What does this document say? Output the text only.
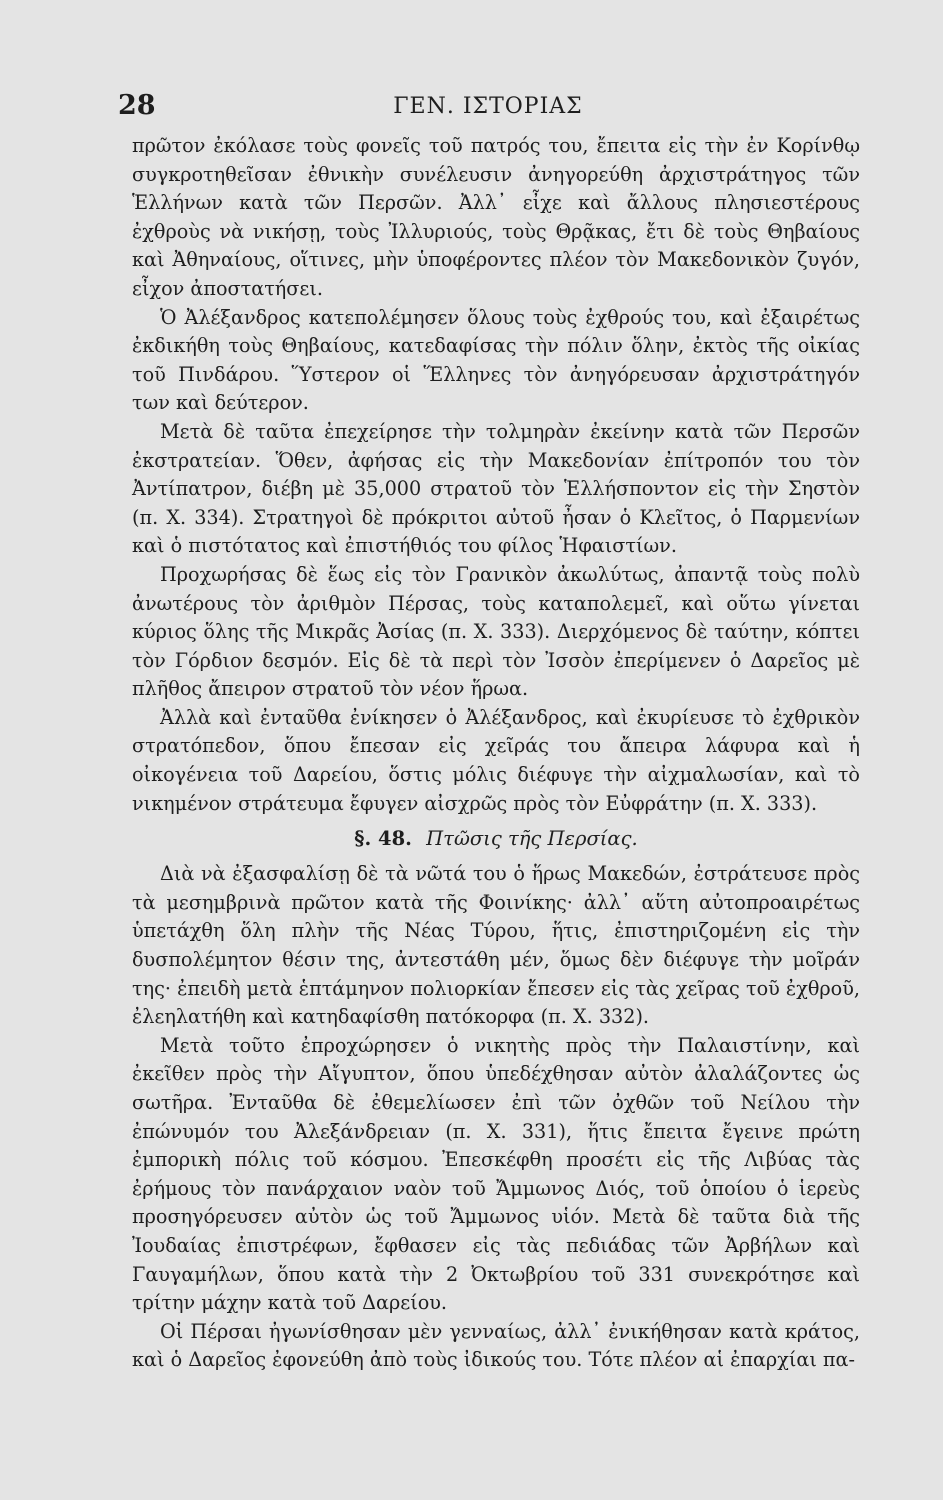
28	ΓΕΝ. ΙΣΤΟΡΙΑΣ

πρῶτον ἐκόλασε τοὺς φονεῖς τοῦ πατρός του, ἔπειτα εἰς τὴν ἐν Κορίνθῳ συγκροτηθεῖσαν ἐθνικὴν συνέλευσιν ἀνηγορεύθη ἀρχιστράτηγος τῶν Ἑλλήνων κατὰ τῶν Περσῶν. Ἀλλ᾽ εἶχε καὶ ἄλλους πλησιεστέρους ἐχθροὺς νὰ νικήσῃ, τοὺς Ἰλλυριούς, τοὺς Θρᾷκας, ἔτι δὲ τοὺς Θηβαίους καὶ Ἀθηναίους, οἵτινες, μὴν ὑποφέροντες πλέον τὸν Μακεδονικὸν ζυγόν, εἶχον ἀποστατήσει.

Ὁ Ἀλέξανδρος κατεπολέμησεν ὅλους τοὺς ἐχθρούς του, καὶ ἐξαιρέτως ἐκδικήθη τοὺς Θηβαίους, κατεδαφίσας τὴν πόλιν ὅλην, ἐκτὸς τῆς οἰκίας τοῦ Πινδάρου. Ὕστερον οἱ Ἕλληνες τὸν ἀνηγόρευσαν ἀρχιστράτηγόν των καὶ δεύτερον.

Μετὰ δὲ ταῦτα ἐπεχείρησε τὴν τολμηρὰν ἐκείνην κατὰ τῶν Περσῶν ἐκστρατείαν. Ὅθεν, ἀφήσας εἰς τὴν Μακεδονίαν ἐπίτροπόν του τὸν Ἀντίπατρον, διέβη μὲ 35,000 στρατοῦ τὸν Ἑλλήσποντον εἰς τὴν Σηστὸν (π. Χ. 334). Στρατηγοὶ δὲ πρόκριτοι αὐτοῦ ἦσαν ὁ Κλεῖτος, ὁ Παρμενίων καὶ ὁ πιστότατος καὶ ἐπιστήθιός του φίλος Ἡφαιστίων.

Προχωρήσας δὲ ἕως εἰς τὸν Γρανικὸν ἀκωλύτως, ἀπαντᾷ τοὺς πολὺ ἀνωτέρους τὸν ἀριθμὸν Πέρσας, τοὺς καταπολεμεῖ, καὶ οὕτω γίνεται κύριος ὅλης τῆς Μικρᾶς Ἀσίας (π. Χ. 333). Διερχόμενος δὲ ταύτην, κόπτει τὸν Γόρδιον δεσμόν. Εἰς δὲ τὰ περὶ τὸν Ἰσσὸν ἐπερίμενεν ὁ Δαρεῖος μὲ πλῆθος ἄπειρον στρατοῦ τὸν νέον ἥρωα.

Ἀλλὰ καὶ ἐνταῦθα ἐνίκησεν ὁ Ἀλέξανδρος, καὶ ἐκυρίευσε τὸ ἐχθρικὸν στρατόπεδον, ὅπου ἔπεσαν εἰς χεῖράς του ἄπειρα λάφυρα καὶ ἡ οἰκογένεια τοῦ Δαρείου, ὅστις μόλις διέφυγε τὴν αἰχμαλωσίαν, καὶ τὸ νικημένον στράτευμα ἔφυγεν αἰσχρῶς πρὸς τὸν Εὐφράτην (π. Χ. 333).

§. 48. Πτῶσις τῆς Περσίας.

Διὰ νὰ ἐξασφαλίσῃ δὲ τὰ νῶτά του ὁ ἥρως Μακεδών, ἐστράτευσε πρὸς τὰ μεσημβρινὰ πρῶτον κατὰ τῆς Φοινίκης· ἀλλ᾽ αὕτη αὐτοπροαιρέτως ὑπετάχθη ὅλη πλὴν τῆς Νέας Τύρου, ἥτις, ἐπιστηριζομένη εἰς τὴν δυσπολέμητον θέσιν της, ἀντεστάθη μέν, ὅμως δὲν διέφυγε τὴν μοῖράν της· ἐπειδὴ μετὰ ἑπτάμηνον πολιορκίαν ἔπεσεν εἰς τὰς χεῖρας τοῦ ἐχθροῦ, ἐλεηλατήθη καὶ κατηδαφίσθη πατόκορφα (π. Χ. 332).

Μετὰ τοῦτο ἐπροχώρησεν ὁ νικητὴς πρὸς τὴν Παλαιστίνην, καὶ ἐκεῖθεν πρὸς τὴν Αἴγυπτον, ὅπου ὑπεδέχθησαν αὐτὸν ἀλαλάζοντες ὡς σωτῆρα. Ἐνταῦθα δὲ ἐθεμελίωσεν ἐπὶ τῶν ὀχθῶν τοῦ Νείλου τὴν ἐπώνυμόν του Ἀλεξάνδρειαν (π. Χ. 331), ἥτις ἔπειτα ἔγεινε πρώτη ἐμπορικὴ πόλις τοῦ κόσμου. Ἐπεσκέφθη προσέτι εἰς τῆς Λιβύας τὰς ἐρήμους τὸν πανάρχαιον ναὸν τοῦ Ἄμμωνος Διός, τοῦ ὁποίου ὁ ἱερεὺς προσηγόρευσεν αὐτὸν ὡς τοῦ Ἄμμωνος υἱόν. Μετὰ δὲ ταῦτα διὰ τῆς Ἰουδαίας ἐπιστρέφων, ἔφθασεν εἰς τὰς πεδιάδας τῶν Ἀρβήλων καὶ Γαυγαμήλων, ὅπου κατὰ τὴν 2 Ὀκτωβρίου τοῦ 331 συνεκρότησε καὶ τρίτην μάχην κατὰ τοῦ Δαρείου.

Οἱ Πέρσαι ἠγωνίσθησαν μὲν γενναίως, ἀλλ᾽ ἐνικήθησαν κατὰ κράτος, καὶ ὁ Δαρεῖος ἐφονεύθη ἀπὸ τοὺς ἰδικούς του. Τότε πλέον αἱ ἐπαρχίαι πα-
